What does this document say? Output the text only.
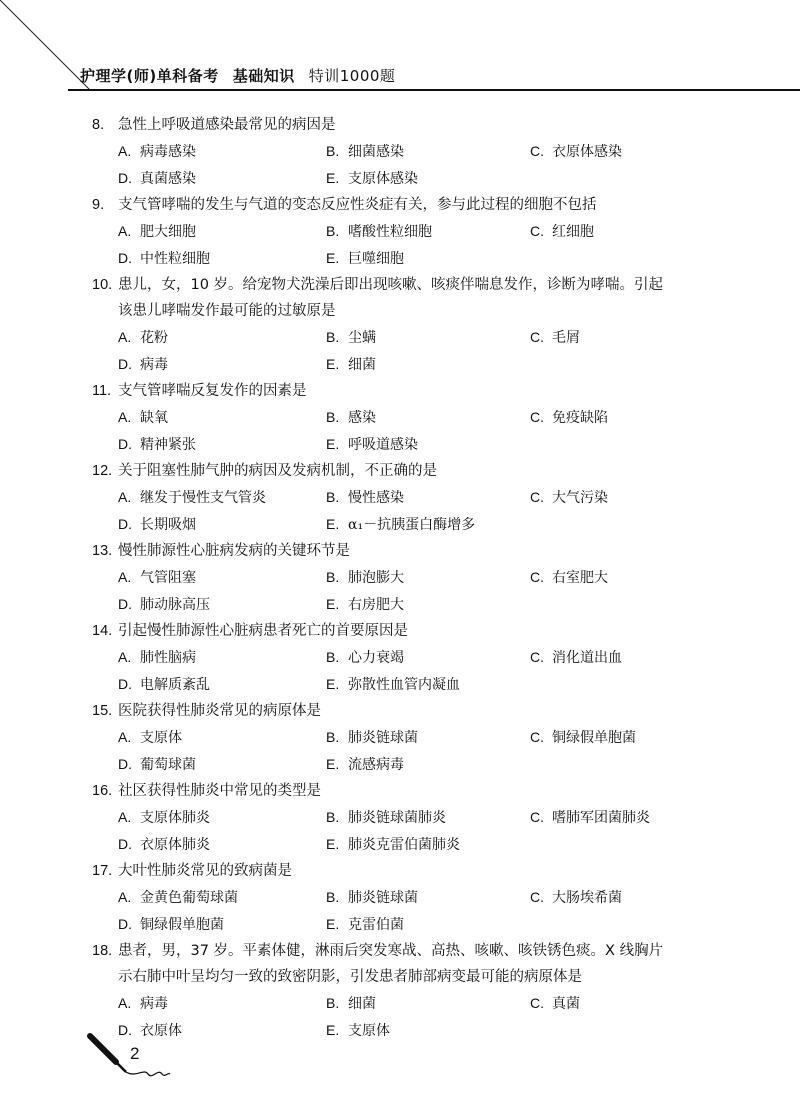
护理学(师)单科备考 基础知识 特训1000题
8. 急性上呼吸道感染最常见的病因是
A. 病毒感染	B. 细菌感染	C. 衣原体感染
D. 真菌感染	E. 支原体感染
9. 支气管哮喘的发生与气道的变态反应性炎症有关，参与此过程的细胞不包括
A. 肥大细胞	B. 嗜酸性粒细胞	C. 红细胞
D. 中性粒细胞	E. 巨噬细胞
10. 患儿，女，10 岁。给宠物犬洗澡后即出现咳嗽、咳痰伴喘息发作，诊断为哮喘。引起
该患儿哮喘发作最可能的过敏原是
A. 花粉	B. 尘螨	C. 毛屑
D. 病毒	E. 细菌
11. 支气管哮喘反复发作的因素是
A. 缺氧	B. 感染	C. 免疫缺陷
D. 精神紧张	E. 呼吸道感染
12. 关于阻塞性肺气肿的病因及发病机制，不正确的是
A. 继发于慢性支气管炎	B. 慢性感染	C. 大气污染
D. 长期吸烟	E. α₁－抗胰蛋白酶增多
13. 慢性肺源性心脏病发病的关键环节是
A. 气管阻塞	B. 肺泡膨大	C. 右室肥大
D. 肺动脉高压	E. 右房肥大
14. 引起慢性肺源性心脏病患者死亡的首要原因是
A. 肺性脑病	B. 心力衰竭	C. 消化道出血
D. 电解质紊乱	E. 弥散性血管内凝血
15. 医院获得性肺炎常见的病原体是
A. 支原体	B. 肺炎链球菌	C. 铜绿假单胞菌
D. 葡萄球菌	E. 流感病毒
16. 社区获得性肺炎中常见的类型是
A. 支原体肺炎	B. 肺炎链球菌肺炎	C. 嗜肺军团菌肺炎
D. 衣原体肺炎	E. 肺炎克雷伯菌肺炎
17. 大叶性肺炎常见的致病菌是
A. 金黄色葡萄球菌	B. 肺炎链球菌	C. 大肠埃希菌
D. 铜绿假单胞菌	E. 克雷伯菌
18. 患者，男，37 岁。平素体健，淋雨后突发寒战、高热、咳嗽、咳铁锈色痰。X 线胸片
示右肺中叶呈均匀一致的致密阴影，引发患者肺部病变最可能的病原体是
A. 病毒	B. 细菌	C. 真菌
D. 衣原体	E. 支原体
2
